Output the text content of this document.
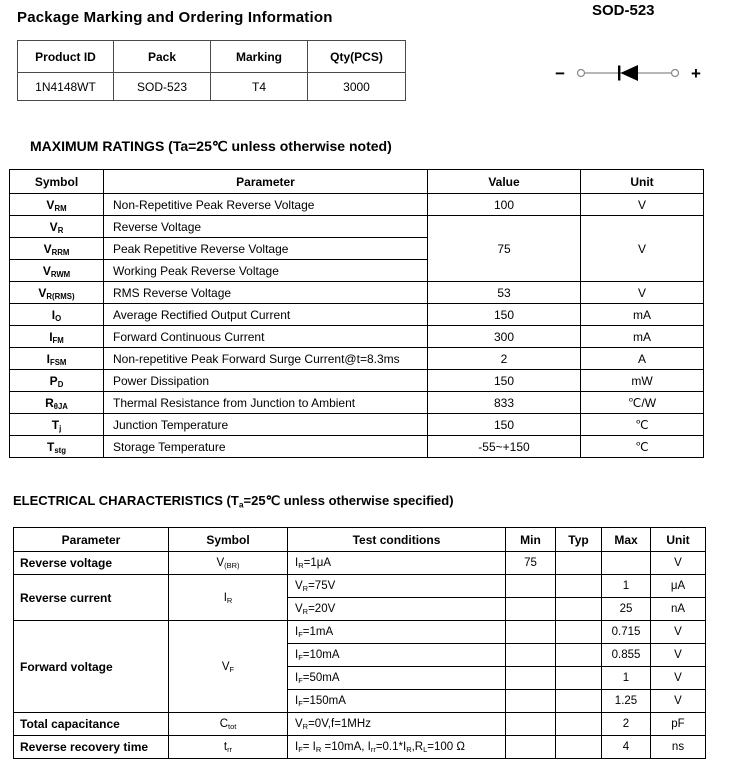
Package Marking and Ordering Information	SOD-523
Product ID	Pack	Marking	Qty(PCS)
1N4148WT	SOD-523	T4	3000
−	+
MAXIMUM RATINGS (Ta=25℃ unless otherwise noted)
Symbol	Parameter	Value	Unit
$V_{RM}$	Non-Repetitive Peak Reverse Voltage	100	V
$V_R$	Reverse Voltage	75	V
$V_{RRM}$	Peak Repetitive Reverse Voltage		
$V_{RWM}$	Working Peak Reverse Voltage		
$V_{R(RMS)}$	RMS Reverse Voltage	53	V
$I_O$	Average Rectified Output Current	150	mA
$I_{FM}$	Forward Continuous Current	300	mA
$I_{FSM}$	Non-repetitive Peak Forward Surge Current@t=8.3ms	2	A
$P_D$	Power Dissipation	150	mW
$R_{\theta JA}$	Thermal Resistance from Junction to Ambient	833	℃/W
$T_j$	Junction Temperature	150	℃
$T_{stg}$	Storage Temperature	-55~+150	℃
ELECTRICAL CHARACTERISTICS ($T_a=25℃$ unless otherwise specified)
Parameter	Symbol	Test conditions	Min	Typ	Max	Unit
Reverse voltage	$V_{(BR)}$	$I_R=1\mu A$	75			V
Reverse current	$I_R$	$V_R=75V$			1	μA
		$V_R=20V$			25	nA
Forward voltage	$V_F$	$I_F=1mA$			0.715	V
		$I_F=10mA$			0.855	V
		$I_F=50mA$			1	V
		$I_F=150mA$			1.25	V
Total capacitance	$C_{tot}$	$V_R=0V,f=1MHz$			2	pF
Reverse recovery time	$t_{rr}$	$I_F= I_R =10mA$, $I_{rr}=0.1*I_R,R_L=100$ Ω			4	ns
